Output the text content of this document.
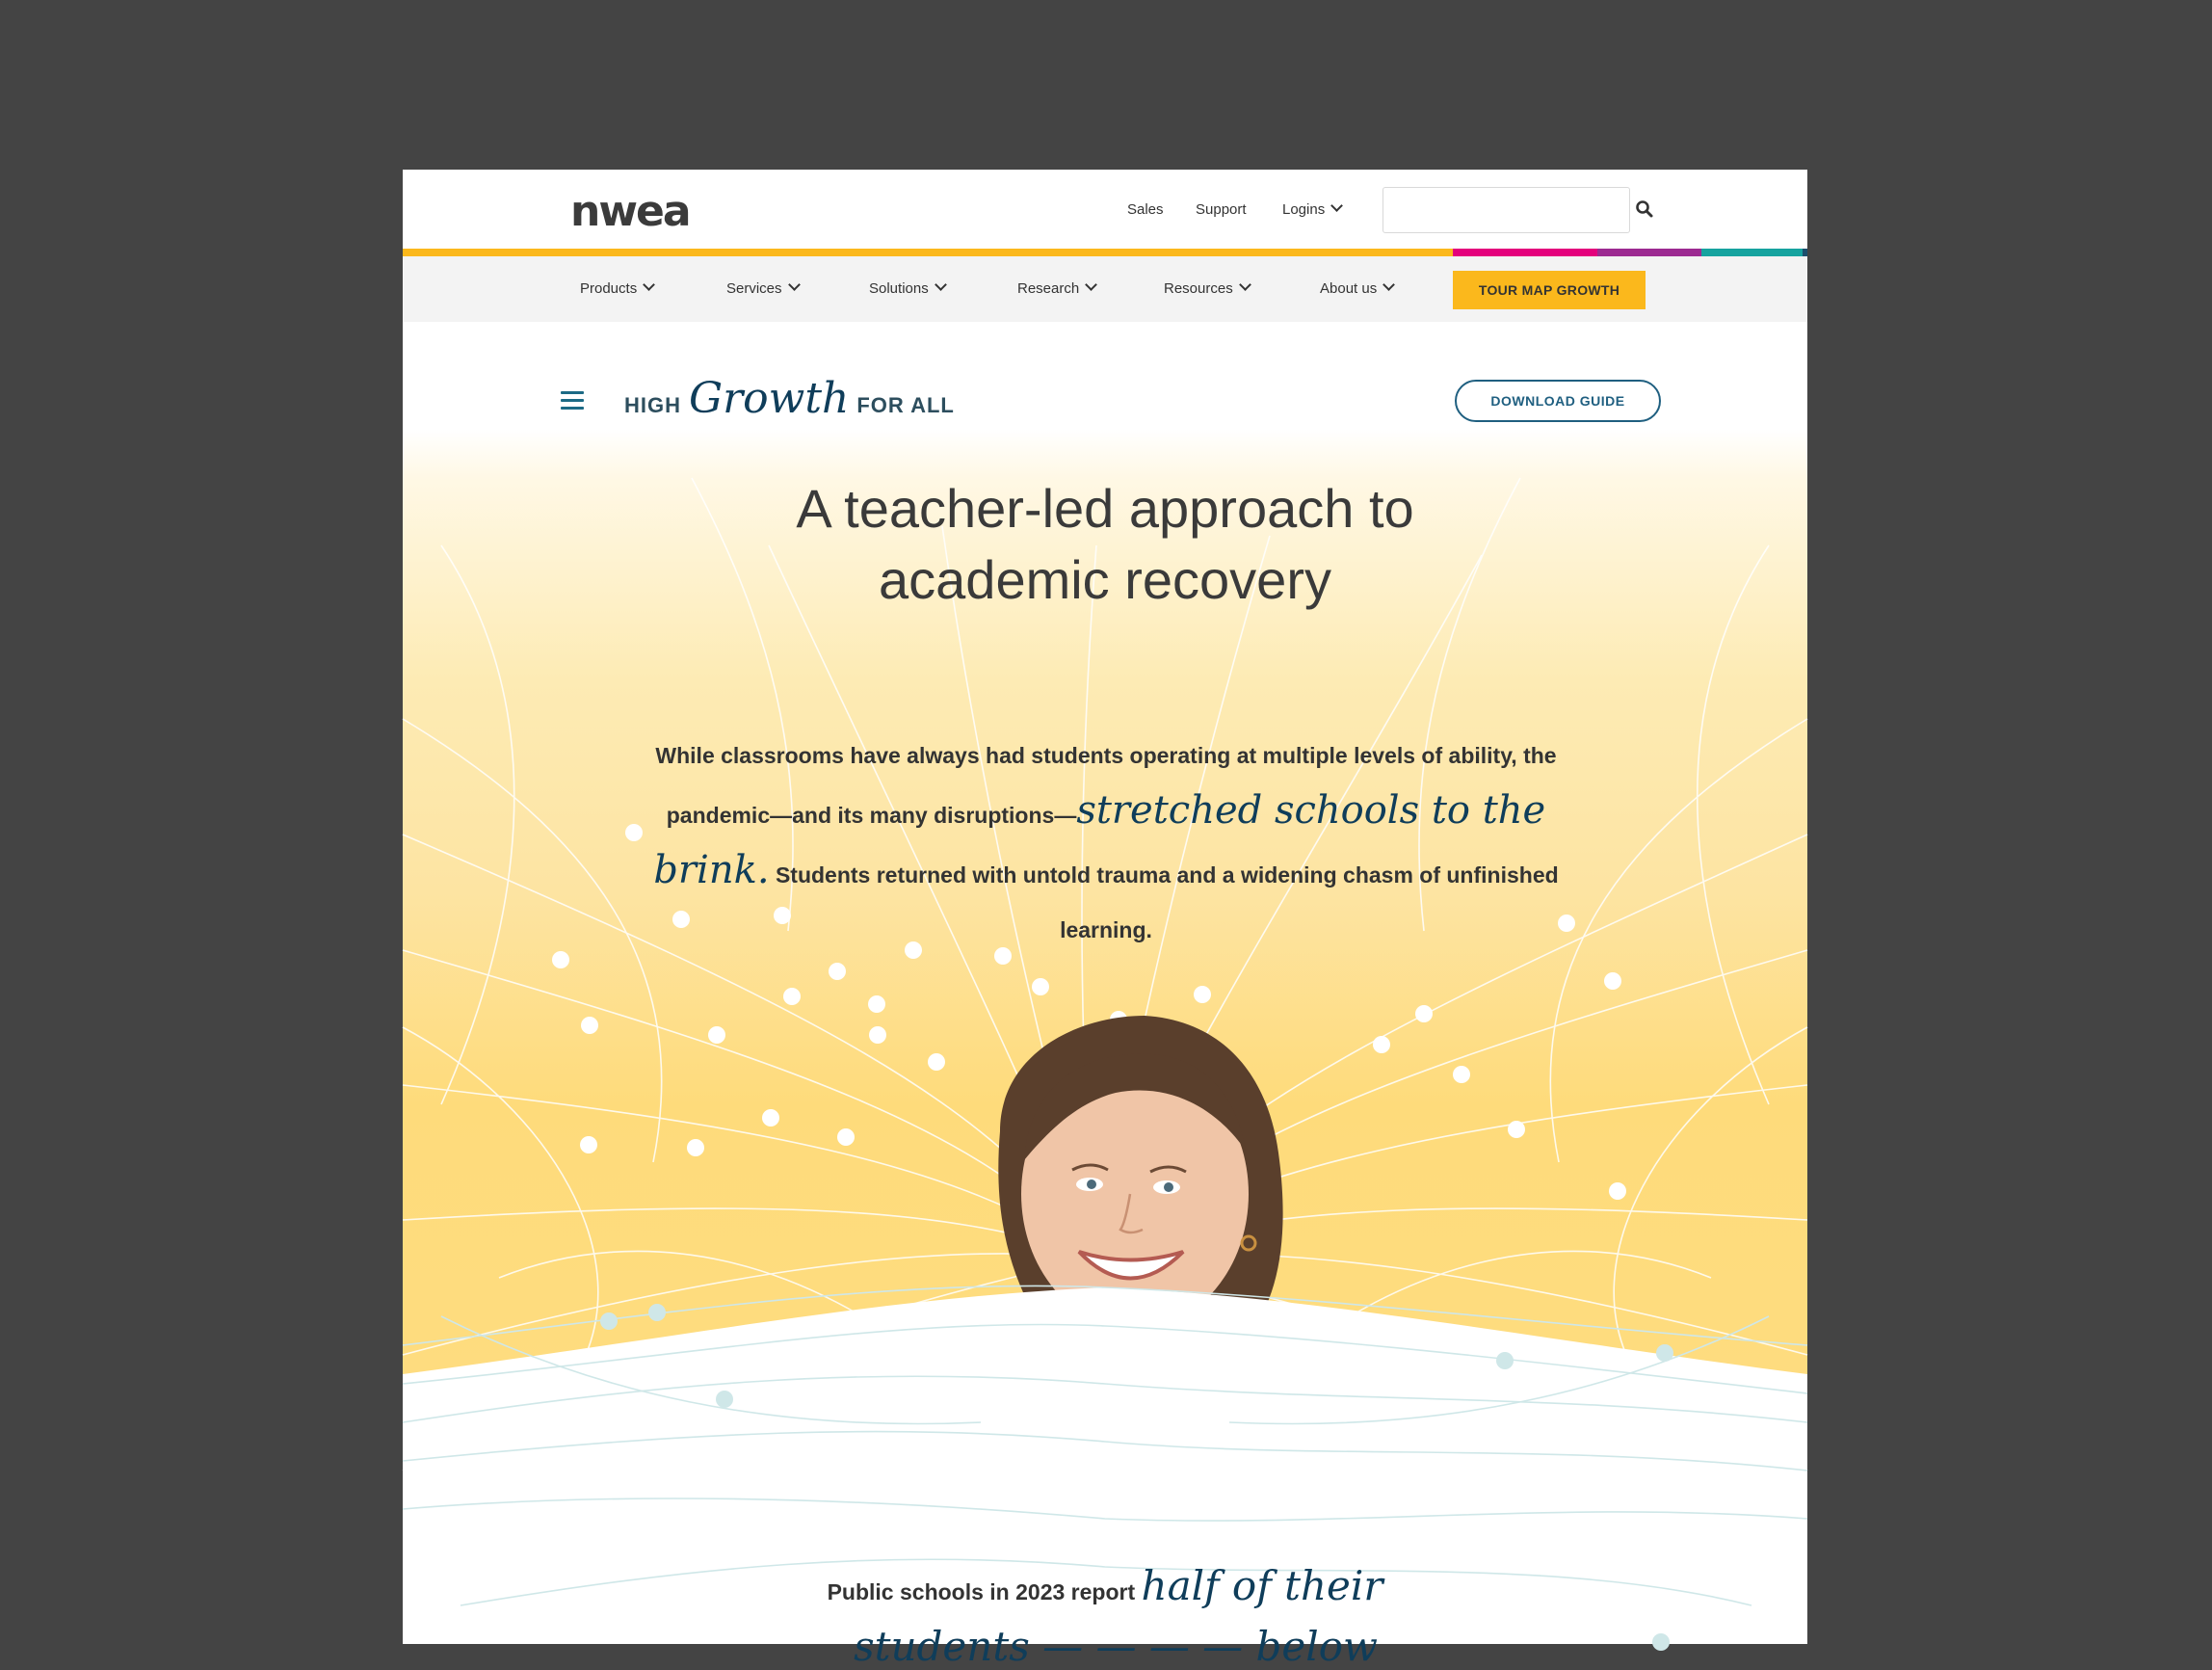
nwea	Sales Support Logins
Products	Services	Solutions	Research	Resources	About us	TOUR MAP GROWTH
HIGH Growth FOR ALL	DOWNLOAD GUIDE
A teacher-led approach to
academic recovery

While classrooms have always had students operating at multiple levels of ability, the pandemic—and its many disruptions—stretched schools to the brink. Students returned with untold trauma and a widening chasm of unfinished learning.

Public schools in 2023 report half of their
students — — — — below
